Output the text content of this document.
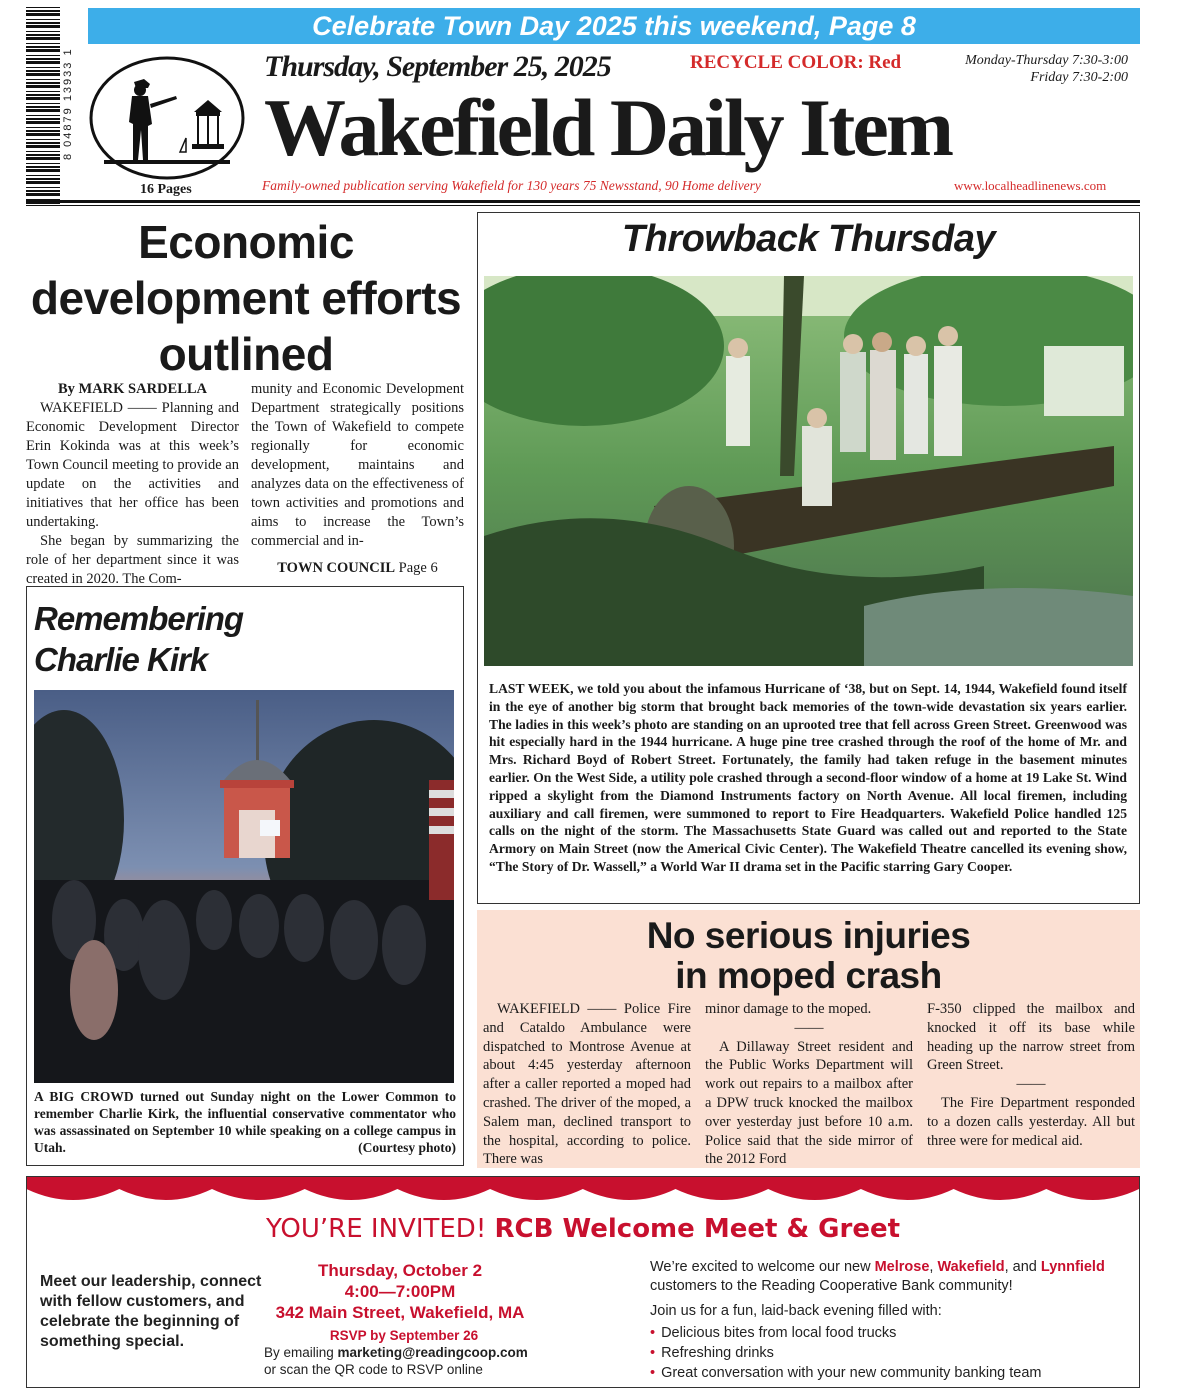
8 04879 13933 1
16 Pages
Celebrate Town Day 2025 this weekend, Page 8
Thursday, September 25, 2025	RECYCLE COLOR: Red	Monday-Thursday 7:30-3:00
Friday 7:30-2:00
Wakefield Daily Item
Family-owned publication serving Wakefield for 130 years 75 Newsstand, 90 Home delivery	www.localheadlinenews.com
Economic development efforts outlined
By MARK SARDELLA

WAKEFIELD —— Planning and Economic Development Director Erin Kokinda was at this week’s Town Council meeting to provide an update on the activities and initiatives that her office has been undertaking.

She began by summarizing the role of her department since it was created in 2020. The Com-

munity and Economic Development Department strategically positions the Town of Wakefield to compete regionally for economic development, maintains and analyzes data on the effectiveness of town activities and promotions and aims to increase the Town’s commercial and in-

TOWN COUNCIL Page 6
Remembering
Charlie Kirk
A BIG CROWD turned out Sunday night on the Lower Common to remember Charlie Kirk, the influential conservative commentator who was assassinated on September 10 while speaking on a college campus in Utah.	(Courtesy photo)
Throwback Thursday
LAST WEEK, we told you about the infamous Hurricane of ‘38, but on Sept. 14, 1944, Wakefield found itself in the eye of another big storm that brought back memories of the town-wide devastation six years earlier. The ladies in this week’s photo are standing on an uprooted tree that fell across Green Street. Greenwood was hit especially hard in the 1944 hurricane. A huge pine tree crashed through the roof of the home of Mr. and Mrs. Richard Boyd of Robert Street. Fortunately, the family had taken refuge in the basement minutes earlier. On the West Side, a utility pole crashed through a second-floor window of a home at 19 Lake St. Wind ripped a skylight from the Diamond Instruments factory on North Avenue. All local firemen, including auxiliary and call firemen, were summoned to report to Fire Headquarters. Wakefield Police handled 125 calls on the night of the storm. The Massachusetts State Guard was called out and reported to the State Armory on Main Street (now the Americal Civic Center). The Wakefield Theatre cancelled its evening show, “The Story of Dr. Wassell,” a World War II drama set in the Pacific starring Gary Cooper.
No serious injuries
in moped crash

WAKEFIELD —— Police Fire and Cataldo Ambulance were dispatched to Montrose Avenue at about 4:45 yesterday afternoon after a caller reported a moped had crashed. The driver of the moped, a Salem man, declined transport to the hospital, according to police. There was

minor damage to the moped.

——

A Dillaway Street resident and the Public Works Department will work out repairs to a mailbox after a DPW truck knocked the mailbox over yesterday just before 10 a.m. Police said that the side mirror of the 2012 Ford

F-350 clipped the mailbox and knocked it off its base while heading up the narrow street from Green Street.

——

The Fire Department responded to a dozen calls yesterday. All but three were for medical aid.

YOU’RE INVITED! RCB Welcome Meet & Greet
Meet our leadership, connect with fellow customers, and celebrate the beginning of something special.
Thursday, October 2
4:00—7:00PM
342 Main Street, Wakefield, MA
RSVP by September 26
By emailing marketing@readingcoop.com
or scan the QR code to RSVP online
We’re excited to welcome our new Melrose, Wakefield, and Lynnfield customers to the Reading Cooperative Bank community!
Join us for a fun, laid-back evening filled with:
• Delicious bites from local food trucks
• Refreshing drinks
• Great conversation with your new community banking team
